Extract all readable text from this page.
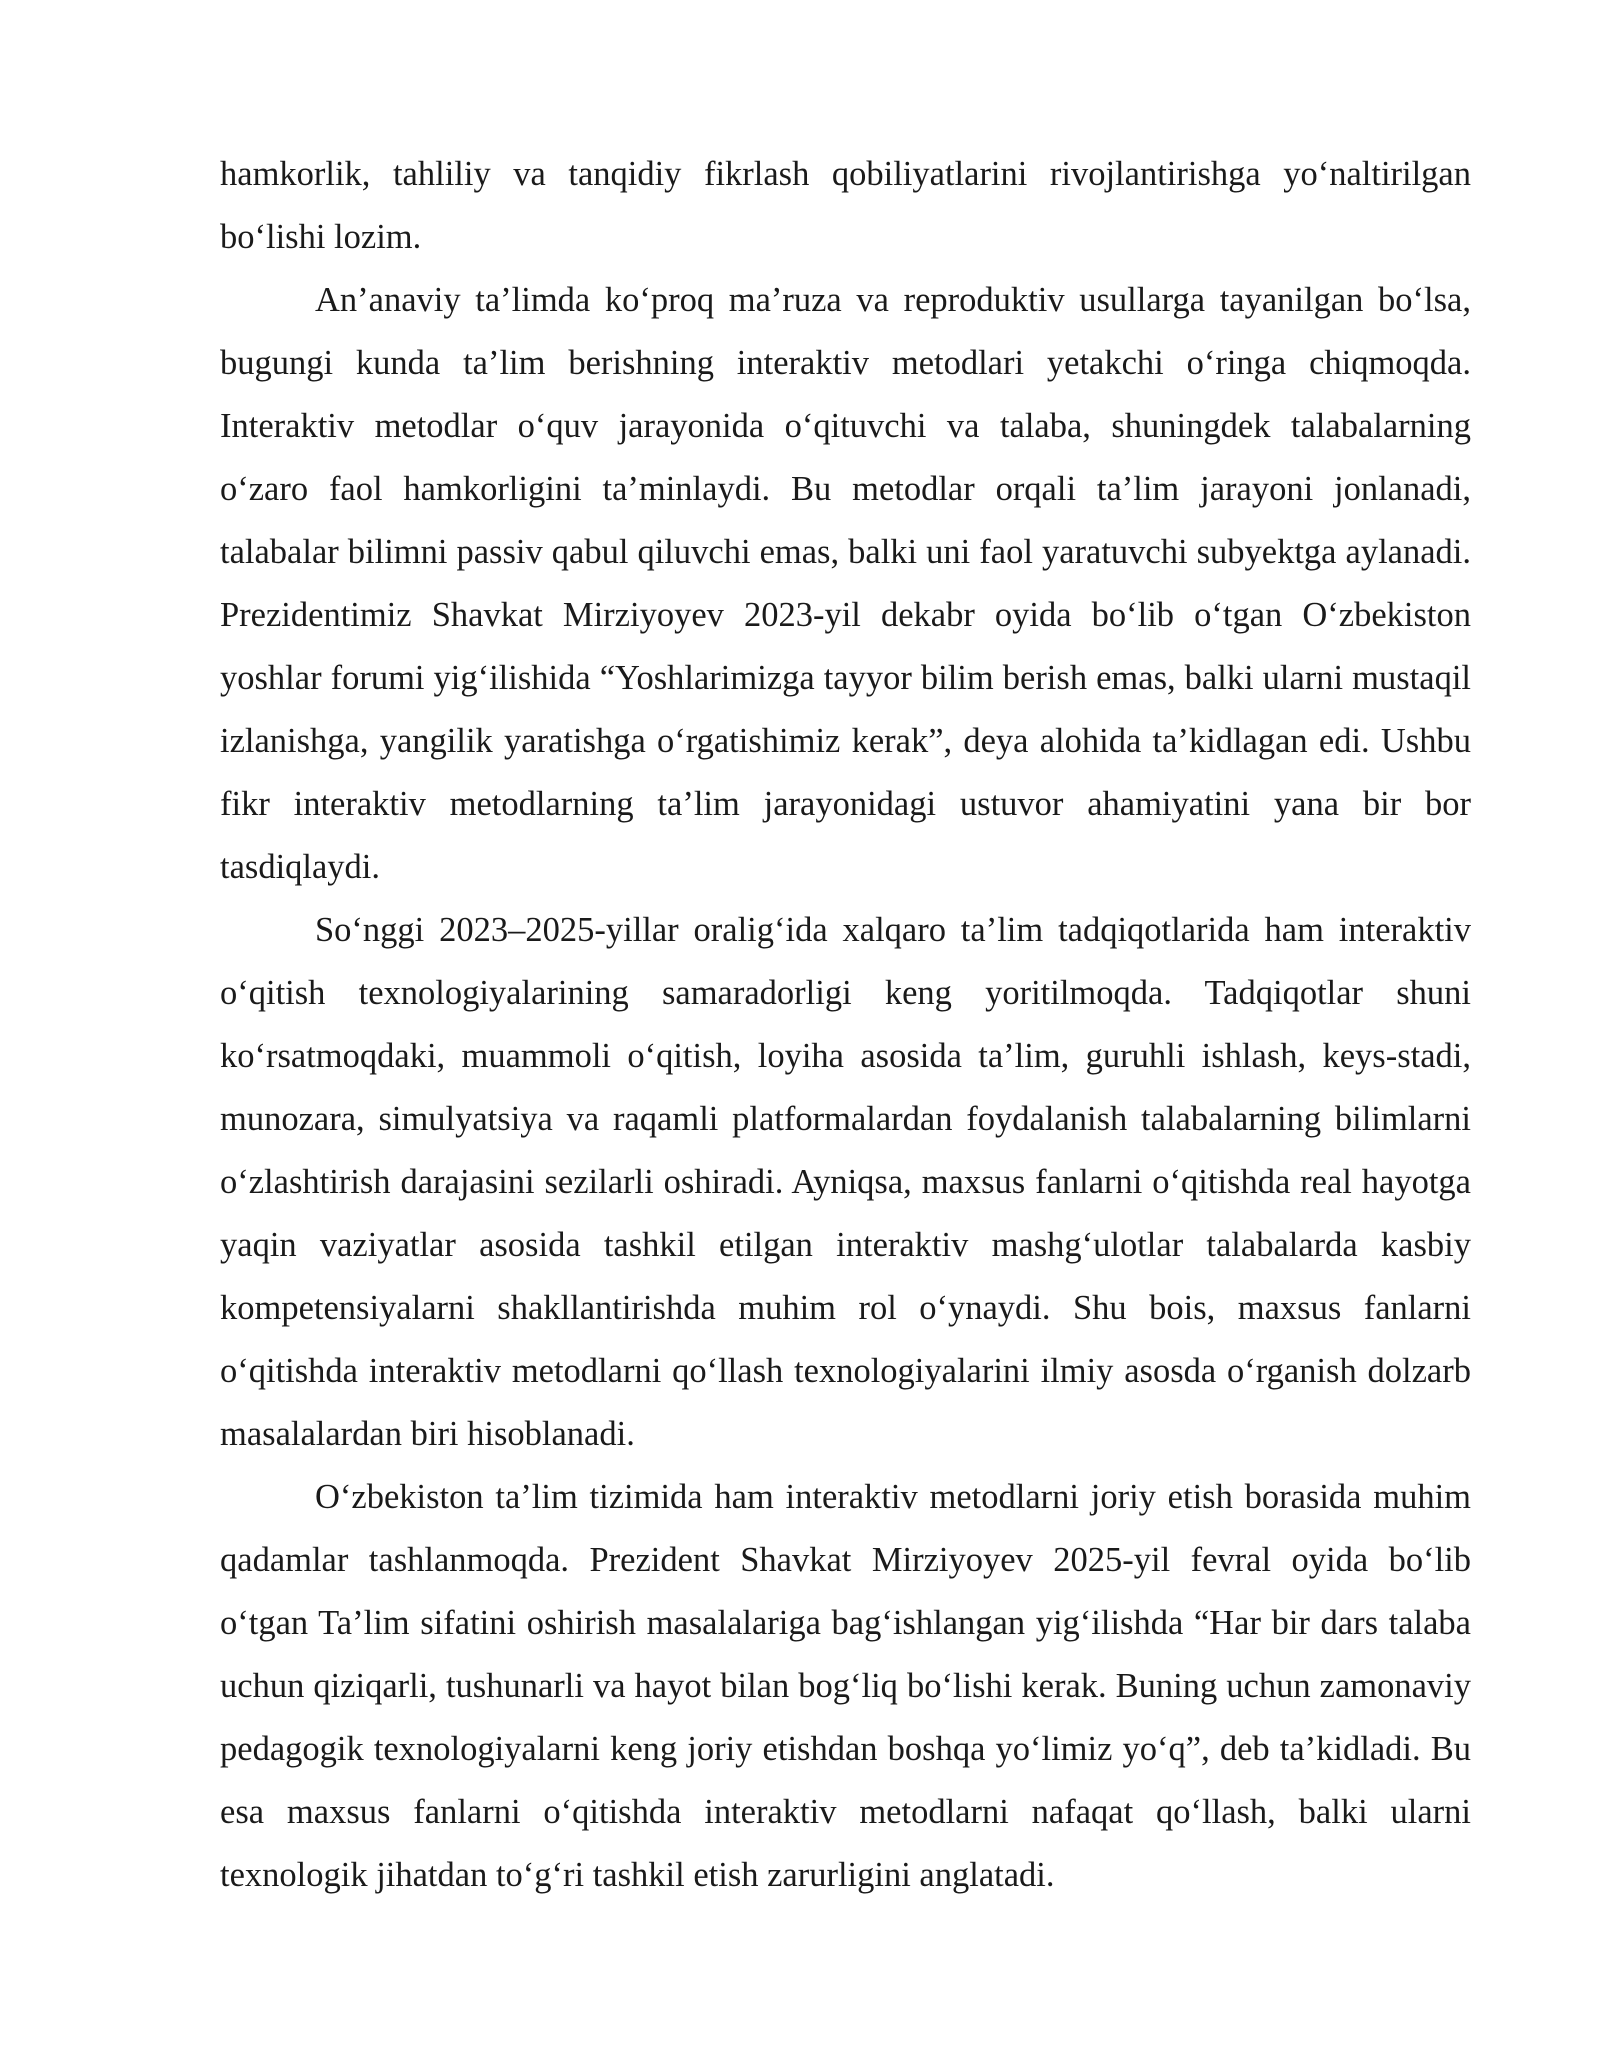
hamkorlik, tahliliy va tanqidiy fikrlash qobiliyatlarini rivojlantirishga yo‘naltirilgan bo‘lishi lozim.

An’anaviy ta’limda ko‘proq ma’ruza va reproduktiv usullarga tayanilgan bo‘lsa, bugungi kunda ta’lim berishning interaktiv metodlari yetakchi o‘ringa chiqmoqda. Interaktiv metodlar o‘quv jarayonida o‘qituvchi va talaba, shuningdek talabalarning o‘zaro faol hamkorligini ta’minlaydi. Bu metodlar orqali ta’lim jarayoni jonlanadi, talabalar bilimni passiv qabul qiluvchi emas, balki uni faol yaratuvchi subyektga aylanadi. Prezidentimiz Shavkat Mirziyoyev 2023-yil dekabr oyida bo‘lib o‘tgan O‘zbekiston yoshlar forumi yig‘ilishida “Yoshlarimizga tayyor bilim berish emas, balki ularni mustaqil izlanishga, yangilik yaratishga o‘rgatishimiz kerak”, deya alohida ta’kidlagan edi. Ushbu fikr interaktiv metodlarning ta’lim jarayonidagi ustuvor ahamiyatini yana bir bor tasdiqlaydi.

So‘nggi 2023–2025-yillar oralig‘ida xalqaro ta’lim tadqiqotlarida ham interaktiv o‘qitish texnologiyalarining samaradorligi keng yoritilmoqda. Tadqiqotlar shuni ko‘rsatmoqdaki, muammoli o‘qitish, loyiha asosida ta’lim, guruhli ishlash, keys-stadi, munozara, simulyatsiya va raqamli platformalardan foydalanish talabalarning bilimlarni o‘zlashtirish darajasini sezilarli oshiradi. Ayniqsa, maxsus fanlarni o‘qitishda real hayotga yaqin vaziyatlar asosida tashkil etilgan interaktiv mashg‘ulotlar talabalarda kasbiy kompetensiyalarni shakllantirishda muhim rol o‘ynaydi. Shu bois, maxsus fanlarni o‘qitishda interaktiv metodlarni qo‘llash texnologiyalarini ilmiy asosda o‘rganish dolzarb masalalardan biri hisoblanadi.

O‘zbekiston ta’lim tizimida ham interaktiv metodlarni joriy etish borasida muhim qadamlar tashlanmoqda. Prezident Shavkat Mirziyoyev 2025-yil fevral oyida bo‘lib o‘tgan Ta’lim sifatini oshirish masalalariga bag‘ishlangan yig‘ilishda “Har bir dars talaba uchun qiziqarli, tushunarli va hayot bilan bog‘liq bo‘lishi kerak. Buning uchun zamonaviy pedagogik texnologiyalarni keng joriy etishdan boshqa yo‘limiz yo‘q”, deb ta’kidladi. Bu esa maxsus fanlarni o‘qitishda interaktiv metodlarni nafaqat qo‘llash, balki ularni texnologik jihatdan to‘g‘ri tashkil etish zarurligini anglatadi.
